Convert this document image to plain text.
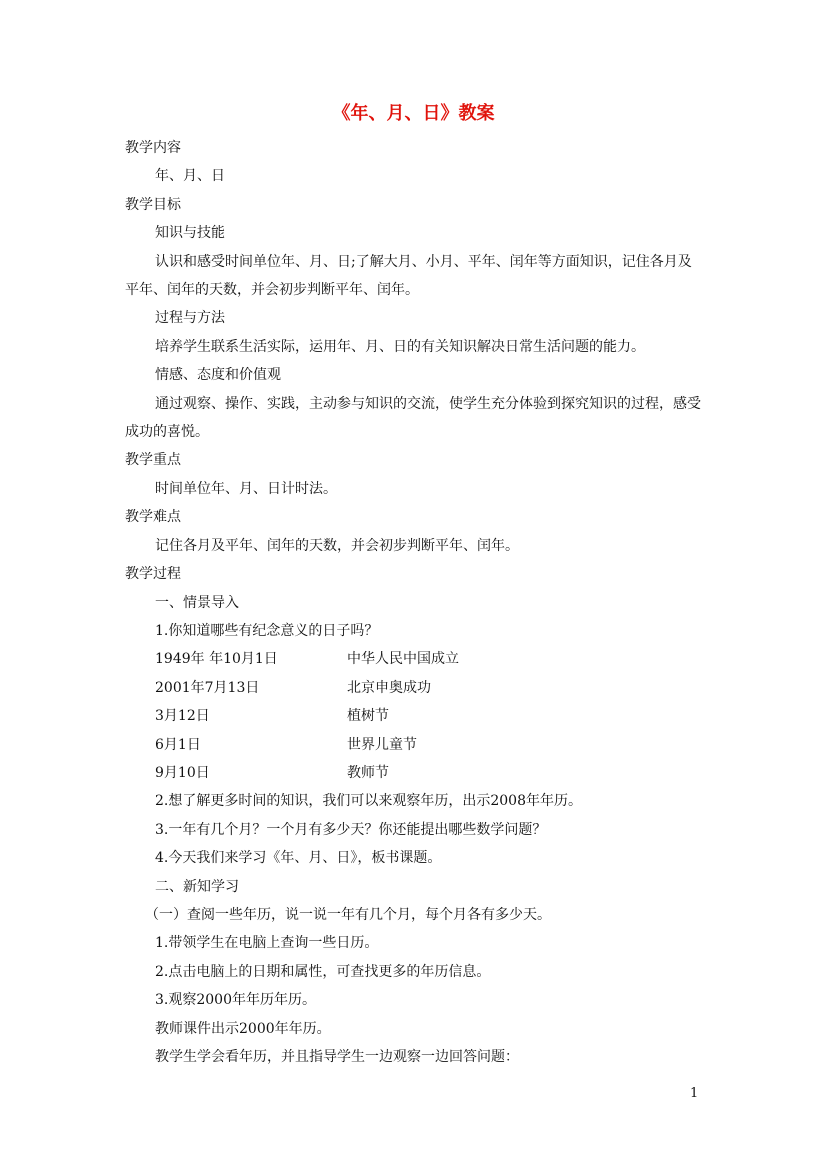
《年、月、日》教案

教学内容

年、月、日

教学目标

知识与技能

认识和感受时间单位年、月、日;了解大月、小月、平年、闰年等方面知识，记住各月及平年、闰年的天数，并会初步判断平年、闰年。

过程与方法

培养学生联系生活实际，运用年、月、日的有关知识解决日常生活问题的能力。

情感、态度和价值观

通过观察、操作、实践，主动参与知识的交流，使学生充分体验到探究知识的过程，感受成功的喜悦。

教学重点

时间单位年、月、日计时法。

教学难点

记住各月及平年、闰年的天数，并会初步判断平年、闰年。

教学过程

一、情景导入

1.你知道哪些有纪念意义的日子吗？

1949年 年10月1日	中华人民中国成立
2001年7月13日	北京申奥成功
3月12日	植树节
6月1日	世界儿童节
9月10日	教师节

2.想了解更多时间的知识，我们可以来观察年历，出示2008年年历。

3.一年有几个月？一个月有多少天？你还能提出哪些数学问题？

4.今天我们来学习《年、月、日》，板书课题。

二、新知学习

（一）查阅一些年历，说一说一年有几个月，每个月各有多少天。

1.带领学生在电脑上查询一些日历。

2.点击电脑上的日期和属性，可查找更多的年历信息。

3.观察2000年年历年历。

教师课件出示2000年年历。

教学生学会看年历，并且指导学生一边观察一边回答问题：

1
